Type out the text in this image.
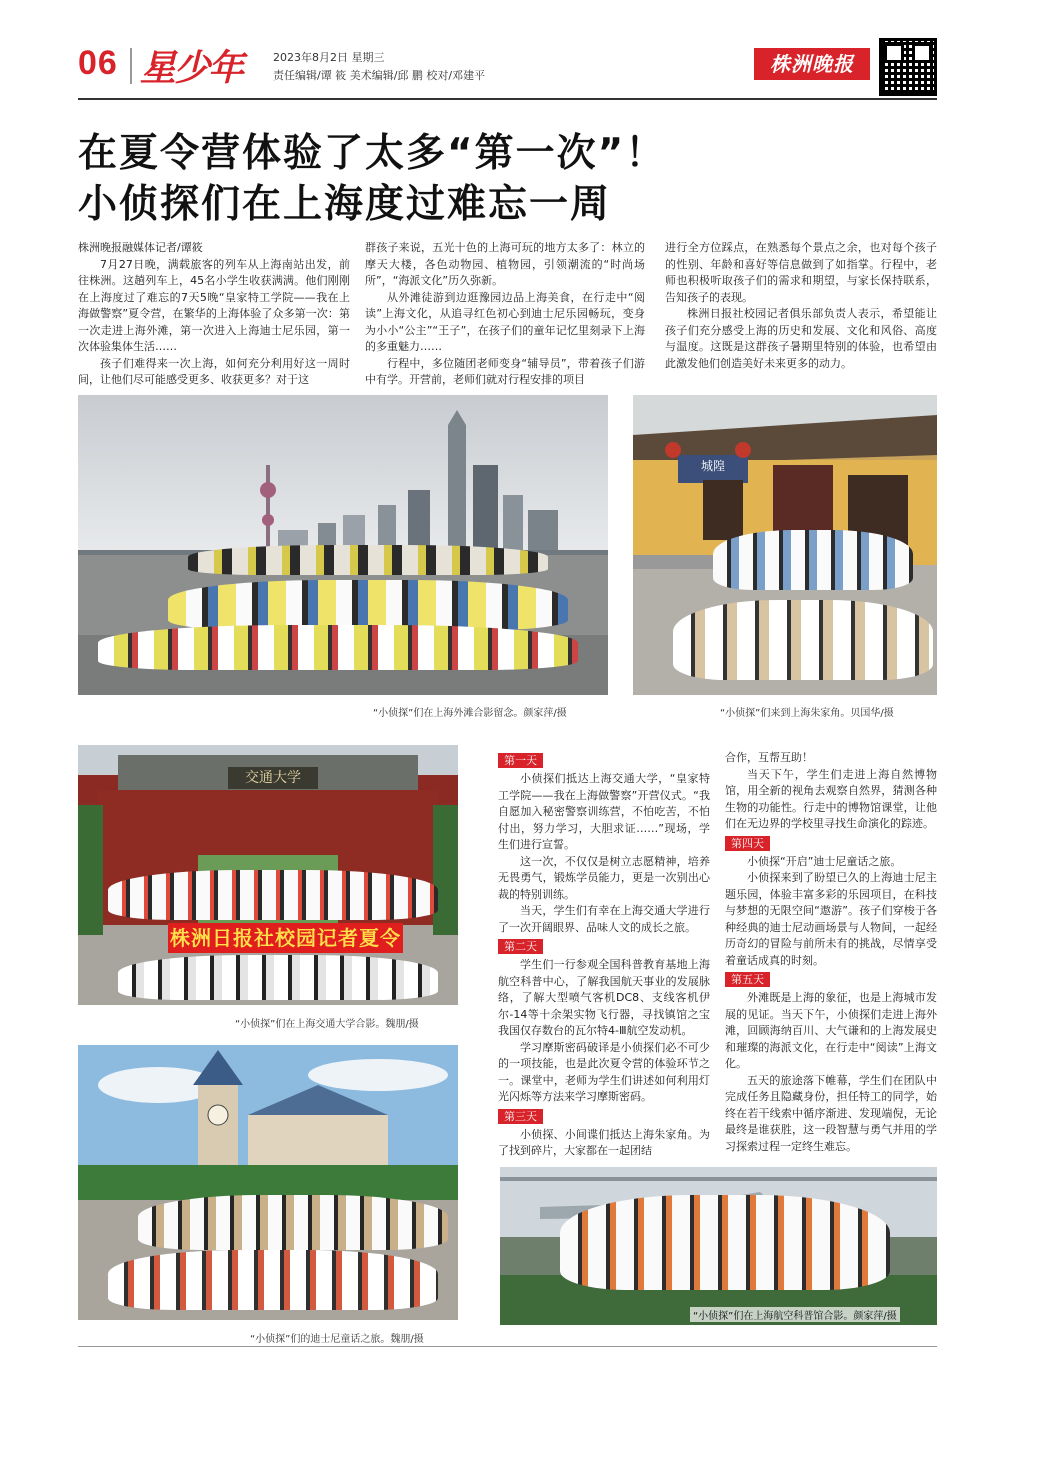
06 星少年	2023年8月2日 星期三
责任编辑/谭 筱 美术编辑/邱 鹏 校对/邓建平	株洲晚报
在夏令营体验了太多“第一次”！
小侦探们在上海度过难忘一周

株洲晚报融媒体记者/谭筱

7月27日晚，满载旅客的列车从上海南站出发，前往株洲。这趟列车上，45名小学生收获满满。他们刚刚在上海度过了难忘的7天5晚“皇家特工学院——我在上海做警察”夏令营，在繁华的上海体验了众多第一次：第一次走进上海外滩，第一次进入上海迪士尼乐园，第一次体验集体生活……

孩子们难得来一次上海，如何充分利用好这一周时间，让他们尽可能感受更多、收获更多？对于这

群孩子来说，五光十色的上海可玩的地方太多了：林立的摩天大楼，各色动物园、植物园，引领潮流的“时尚场所”，“海派文化”历久弥新。

从外滩徒游到边逛豫园边品上海美食，在行走中“阅读”上海文化，从追寻红色初心到迪士尼乐园畅玩，变身为小小“公主”“王子”，在孩子们的童年记忆里刻录下上海的多重魅力……

行程中，多位随团老师变身“辅导员”，带着孩子们游中有学。开营前，老师们就对行程安排的项目

进行全方位踩点，在熟悉每个景点之余，也对每个孩子的性别、年龄和喜好等信息做到了如指掌。行程中，老师也积极听取孩子们的需求和期望，与家长保持联系，告知孩子的表现。

株洲日报社校园记者俱乐部负责人表示，希望能让孩子们充分感受上海的历史和发展、文化和风俗、高度与温度。这既是这群孩子暑期里特别的体验，也希望由此激发他们创造美好未来更多的动力。

“小侦探”们在上海外滩合影留念。颜家萍/摄
城隍
“小侦探”们来到上海朱家角。贝国华/摄
交通大学
株洲日报社校园记者夏令
“小侦探”们在上海交通大学合影。魏朋/摄
“小侦探”们的迪士尼童话之旅。魏朋/摄
第一天

小侦探们抵达上海交通大学，“皇家特工学院——我在上海做警察”开营仪式。“我自愿加入秘密警察训练营，不怕吃苦，不怕付出，努力学习，大胆求证……”现场，学生们进行宣誓。

这一次，不仅仅是树立志愿精神，培养无畏勇气，锻炼学员能力，更是一次别出心裁的特别训练。

当天，学生们有幸在上海交通大学进行了一次开阔眼界、品味人文的成长之旅。

第二天

学生们一行参观全国科普教育基地上海航空科普中心，了解我国航天事业的发展脉络，了解大型喷气客机DC8、支线客机伊尔-14等十余架实物飞行器，寻找镇馆之宝我国仅存数台的瓦尔特4-Ⅲ航空发动机。

学习摩斯密码破译是小侦探们必不可少的一项技能，也是此次夏令营的体验环节之一。课堂中，老师为学生们讲述如何利用灯光闪烁等方法来学习摩斯密码。

第三天

小侦探、小间谍们抵达上海朱家角。为了找到碎片，大家都在一起团结

合作，互帮互助！

当天下午，学生们走进上海自然博物馆，用全新的视角去观察自然界，猜测各种生物的功能性。行走中的博物馆课堂，让他们在无边界的学校里寻找生命演化的踪迹。

第四天

小侦探“开启”迪士尼童话之旅。

小侦探来到了盼望已久的上海迪士尼主题乐园，体验丰富多彩的乐园项目，在科技与梦想的无限空间“遨游”。孩子们穿梭于各种经典的迪士尼动画场景与人物间，一起经历奇幻的冒险与前所未有的挑战，尽情享受着童话成真的时刻。

第五天

外滩既是上海的象征，也是上海城市发展的见证。当天下午，小侦探们走进上海外滩，回顾海纳百川、大气谦和的上海发展史和璀璨的海派文化，在行走中“阅读”上海文化。

五天的旅途落下帷幕，学生们在团队中完成任务且隐藏身份，担任特工的同学，始终在若干线索中循序渐进、发现端倪，无论最终是谁获胜，这一段智慧与勇气并用的学习探索过程一定终生难忘。

“小侦探”们在上海航空科普馆合影。颜家萍/摄
